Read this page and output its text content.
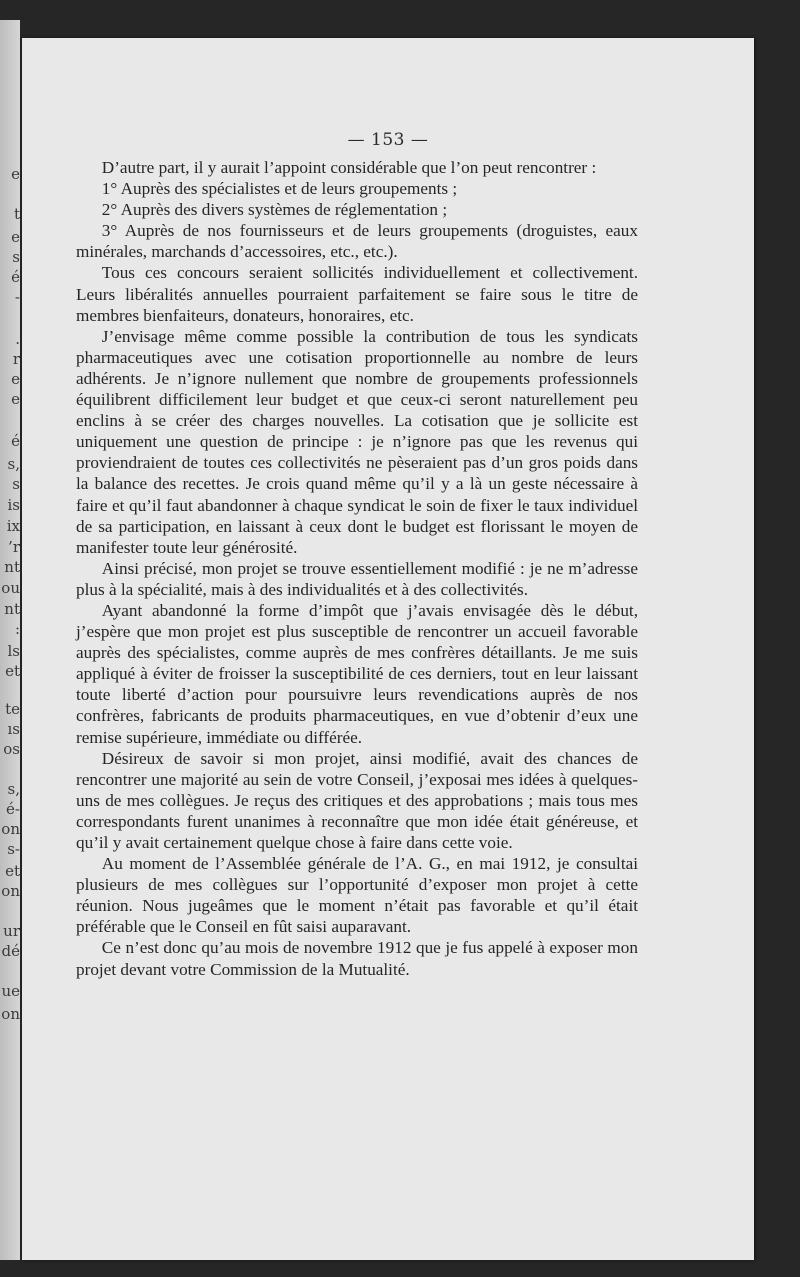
e
t
e
s
é
-
.
r
e
e
é
s,
s
is
ix
’r
nt
ou
nt
:
ls
et
te
ıs
os
s,
é-
on
s-
et
on
ur
dé
ue
on
— 153 —

D’autre part, il y aurait l’appoint considérable que l’on peut rencontrer :

1° Auprès des spécialistes et de leurs groupements ;

2° Auprès des divers systèmes de réglementation ;

3° Auprès de nos fournisseurs et de leurs groupements (droguistes, eaux minérales, marchands d’accessoires, etc., etc.).

Tous ces concours seraient sollicités individuellement et collectivement. Leurs libéralités annuelles pourraient parfaitement se faire sous le titre de membres bienfaiteurs, donateurs, honoraires, etc.

J’envisage même comme possible la contribution de tous les syndicats pharmaceutiques avec une cotisation proportionnelle au nombre de leurs adhérents. Je n’ignore nullement que nombre de groupements professionnels équilibrent difficilement leur budget et que ceux-ci seront naturellement peu enclins à se créer des charges nouvelles. La cotisation que je sollicite est uniquement une question de principe : je n’ignore pas que les revenus qui proviendraient de toutes ces collectivités ne pèseraient pas d’un gros poids dans la balance des recettes. Je crois quand même qu’il y a là un geste nécessaire à faire et qu’il faut abandonner à chaque syndicat le soin de fixer le taux individuel de sa participation, en laissant à ceux dont le budget est florissant le moyen de manifester toute leur générosité.

Ainsi précisé, mon projet se trouve essentiellement modifié : je ne m’adresse plus à la spécialité, mais à des individualités et à des collectivités.

Ayant abandonné la forme d’impôt que j’avais envisagée dès le début, j’espère que mon projet est plus susceptible de rencontrer un accueil favorable auprès des spécialistes, comme auprès de mes confrères détaillants. Je me suis appliqué à éviter de froisser la susceptibilité de ces derniers, tout en leur laissant toute liberté d’action pour poursuivre leurs revendications auprès de nos confrères, fabricants de produits pharmaceutiques, en vue d’obtenir d’eux une remise supérieure, immédiate ou différée.

Désireux de savoir si mon projet, ainsi modifié, avait des chances de rencontrer une majorité au sein de votre Conseil, j’exposai mes idées à quelques-uns de mes collègues. Je reçus des critiques et des approbations ; mais tous mes correspondants furent unanimes à reconnaître que mon idée était généreuse, et qu’il y avait certainement quelque chose à faire dans cette voie.

Au moment de l’Assemblée générale de l’A. G., en mai 1912, je consultai plusieurs de mes collègues sur l’opportunité d’exposer mon projet à cette réunion. Nous jugeâmes que le moment n’était pas favorable et qu’il était préférable que le Conseil en fût saisi auparavant.

Ce n’est donc qu’au mois de novembre 1912 que je fus appelé à exposer mon projet devant votre Commission de la Mutualité.
